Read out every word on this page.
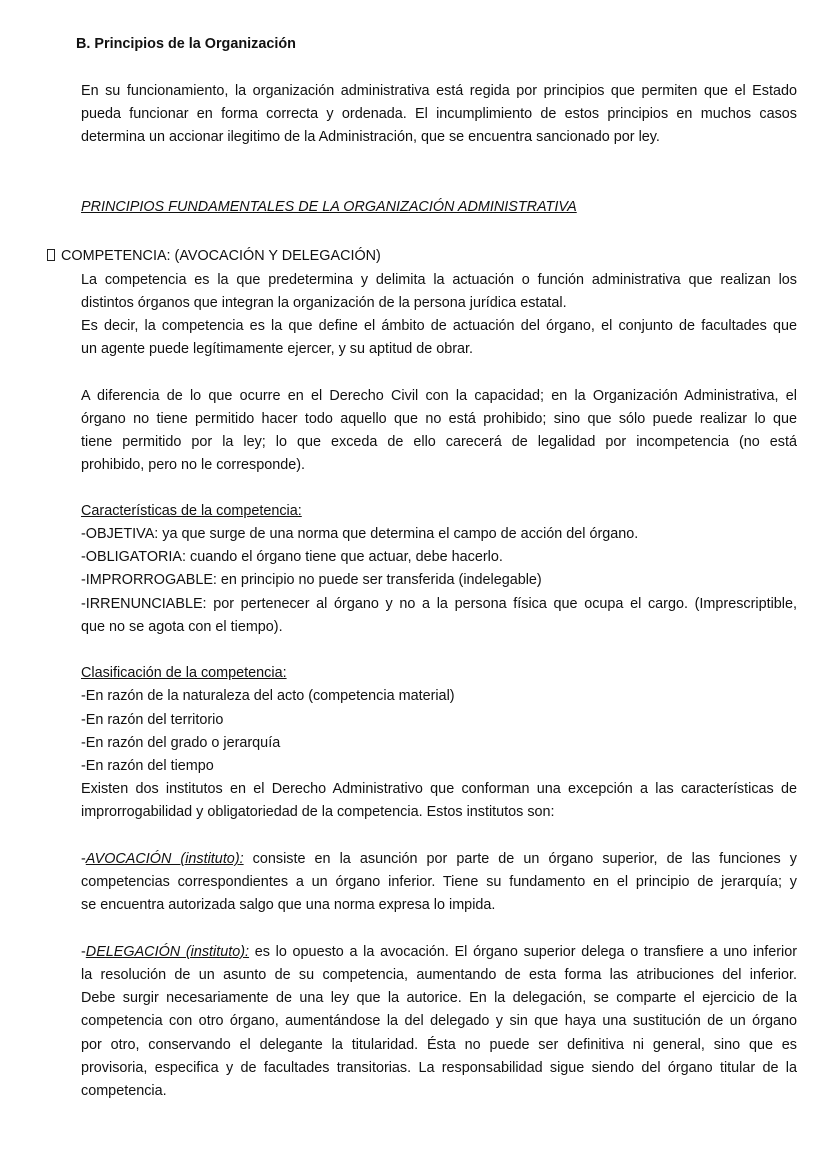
B. Principios de la Organización
En su funcionamiento, la organización administrativa está regida por principios que permiten que el Estado
pueda funcionar en forma correcta y ordenada. El incumplimiento de estos principios en muchos casos
determina un accionar ilegitimo de la Administración, que se encuentra sancionado por ley.
PRINCIPIOS FUNDAMENTALES DE LA ORGANIZACIÓN ADMINISTRATIVA
COMPETENCIA: (AVOCACIÓN Y DELEGACIÓN)
La competencia es la que predetermina y delimita la actuación o función administrativa que realizan los
distintos órganos que integran la organización de la persona jurídica estatal.
Es decir, la competencia es la que define el ámbito de actuación del órgano, el conjunto de facultades que
un agente puede legítimamente ejercer, y su aptitud de obrar.
A diferencia de lo que ocurre en el Derecho Civil con la capacidad; en la Organización Administrativa, el
órgano no tiene permitido hacer todo aquello que no está prohibido; sino que sólo puede realizar lo que
tiene permitido por la ley; lo que exceda de ello carecerá de legalidad por incompetencia (no está
prohibido, pero no le corresponde).
Características de la competencia:
-OBJETIVA: ya que surge de una norma que determina el campo de acción del órgano.
-OBLIGATORIA: cuando el órgano tiene que actuar, debe hacerlo.
-IMPRORROGABLE: en principio no puede ser transferida (indelegable)
-IRRENUNCIABLE: por pertenecer al órgano y no a la persona física que ocupa el cargo. (Imprescriptible,
que no se agota con el tiempo).
Clasificación de la competencia:
-En razón de la naturaleza del acto (competencia material)
-En razón del territorio
-En razón del grado o jerarquía
-En razón del tiempo
Existen dos institutos en el Derecho Administrativo que conforman una excepción a las características de
improrrogabilidad y obligatoriedad de la competencia. Estos institutos son:
-AVOCACIÓN (instituto): consiste en la asunción por parte de un órgano superior, de las funciones y
competencias correspondientes a un órgano inferior. Tiene su fundamento en el principio de jerarquía; y
se encuentra autorizada salgo que una norma expresa lo impida.
-DELEGACIÓN (instituto): es lo opuesto a la avocación. El órgano superior delega o transfiere a uno inferior
la resolución de un asunto de su competencia, aumentando de esta forma las atribuciones del inferior.
Debe surgir necesariamente de una ley que la autorice. En la delegación, se comparte el ejercicio de la
competencia con otro órgano, aumentándose la del delegado y sin que haya una sustitución de un órgano
por otro, conservando el delegante la titularidad. Ésta no puede ser definitiva ni general, sino que es
provisoria, especifica y de facultades transitorias. La responsabilidad sigue siendo del órgano titular de la
competencia.
